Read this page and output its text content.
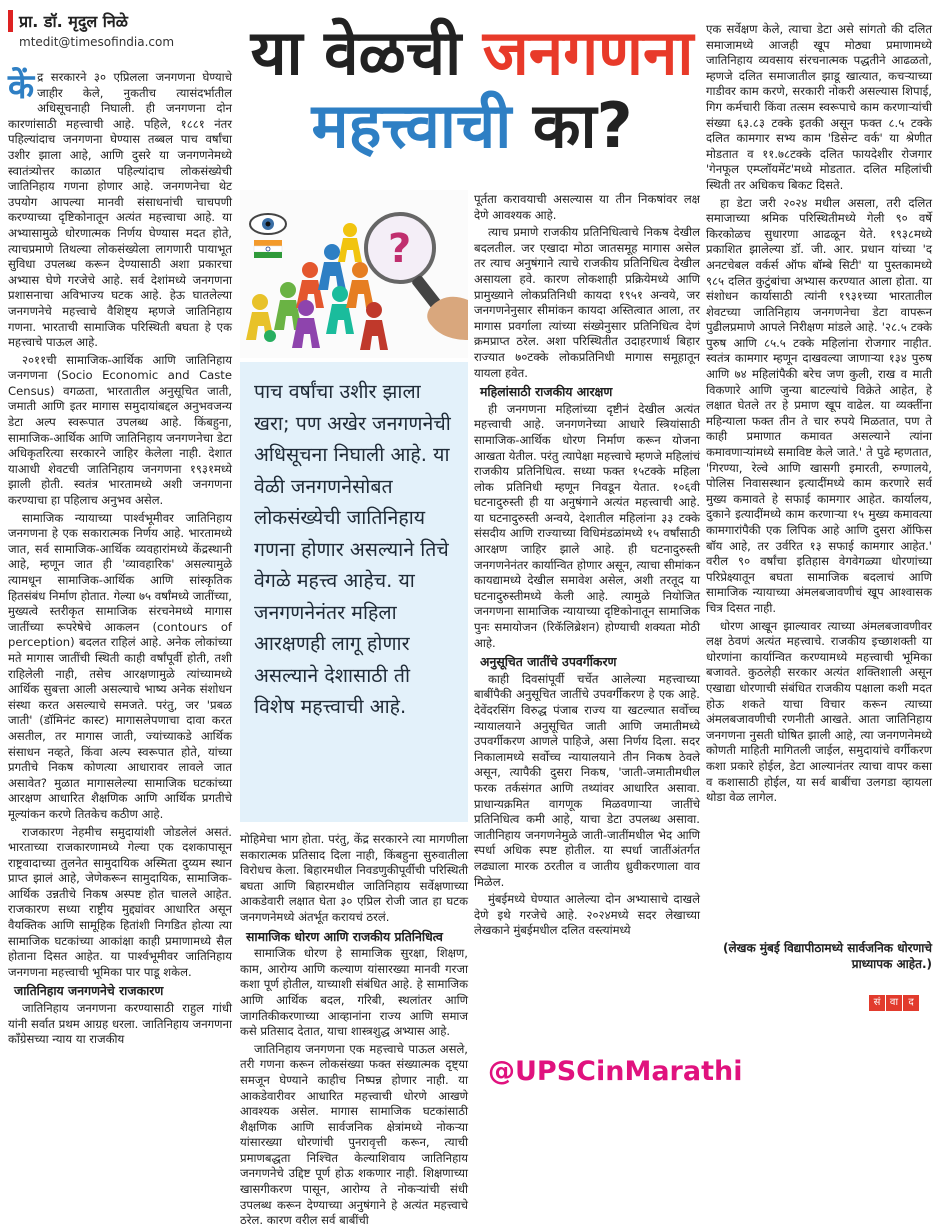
प्रा. डॉ. मृदुल निळे
mtedit@timesofindia.com	या वेळची जनगणना
महत्त्वाची का?

केंद्र सरकारने ३० एप्रिलला जनगणना घेण्याचे जाहीर केले, नुकतीच त्यासंदर्भातील अधिसूचनाही निघाली. ही जनगणना दोन कारणांसाठी महत्त्वाची आहे. पहिले, १८८१ नंतर पहिल्यांदाच जनगणना घेण्यास तब्बल पाच वर्षांचा उशीर झाला आहे, आणि दुसरे या जनगणनेमध्ये स्वातंत्र्योत्तर काळात पहिल्यांदाच लोकसंख्येची जातिनिहाय गणना होणार आहे. जनगणनेचा थेट उपयोग आपल्या मानवी संसाधनांची चाचपणी करण्याच्या दृष्टिकोनातून अत्यंत महत्त्वाचा आहे. या अभ्यासामुळे धोरणात्मक निर्णय घेण्यास मदत होते, त्याचप्रमाणे तिथल्या लोकसंख्येला लागणारी पायाभूत सुविधा उपलब्ध करून देण्यासाठी अशा प्रकारचा अभ्यास घेणे गरजेचे आहे. सर्व देशांमध्ये जनगणना प्रशासनाचा अविभाज्य घटक आहे. हेऊ घातलेल्या जनगणनेचे महत्त्वाचे वैशिष्ट्य म्हणजे जातिनिहाय गणना. भारताची सामाजिक परिस्थिती बघता हे एक महत्त्वाचे पाऊल आहे.

२०११ची सामाजिक-आर्थिक आणि जातिनिहाय जनगणना (Socio Economic and Caste Census) वगळता, भारतातील अनुसूचित जाती, जमाती आणि इतर मागास समुदायांबद्दल अनुभवजन्य डेटा अल्प स्वरूपात उपलब्ध आहे. किंबहुना, सामाजिक-आर्थिक आणि जातिनिहाय जनगणनेचा डेटा अधिकृतरित्या सरकारने जाहिर केलेला नाही. देशात याआधी शेवटची जातिनिहाय जनगणना १९३१मध्ये झाली होती. स्वतंत्र भारतामध्ये अशी जनगणना करण्याचा हा पहिलाच अनुभव असेल.

सामाजिक न्यायाच्या पार्श्वभूमीवर जातिनिहाय जनगणना हे एक सकारात्मक निर्णय आहे. भारतामध्ये जात, सर्व सामाजिक-आर्थिक व्यवहारांमध्ये केंद्रस्थानी आहे, म्हणून जात ही 'व्यावहारिक' असल्यामुळे त्यामधून सामाजिक-आर्थिक आणि सांस्कृतिक हितसंबंध निर्माण होतात. गेल्या ७५ वर्षांमध्ये जातींच्या, मुख्यत्वे स्तरीकृत सामाजिक संरचनेमध्ये मागास जातींच्या रूपरेषेचे आकलन (contours of perception) बदलत राहिलं आहे. अनेक लोकांच्या मते मागास जातींची स्थिती काही वर्षांपूर्वी होती, तशी राहिलेली नाही, तसेच आरक्षणामुळे त्यांच्यामध्ये आर्थिक सुबत्ता आली असल्याचे भाष्य अनेक संशोधन संस्था करत असल्याचे समजते. परंतु, जर 'प्रबळ जाती' (डॉमिनंट कास्ट) मागासलेपणाचा दावा करत असतील, तर मागास जाती, ज्यांच्याकडे आर्थिक संसाधन नव्हते, किंवा अल्प स्वरूपात होते, यांच्या प्रगतीचे निकष कोणत्या आधारावर लावले जात असावेत? मुळात मागासलेल्या सामाजिक घटकांच्या आरक्षण आधारित शैक्षणिक आणि आर्थिक प्रगतीचे मूल्यांकन करणे तितकेच कठीण आहे.

राजकारण नेहमीच समुदायांशी जोडलेलं असतं. भारताच्या राजकारणामध्ये गेल्या एक दशकापासून राष्ट्रवादाच्या तुलनेत सामुदायिक अस्मिता दुय्यम स्थान प्राप्त झालं आहे, जेणेकरून सामुदायिक, सामाजिक-आर्थिक उन्नतीचे निकष अस्पष्ट होत चालले आहेत. राजकारण सध्या राष्ट्रीय मुद्द्यांवर आधारित असून वैयक्तिक आणि सामूहिक हितांशी निगडित होत्या त्या सामाजिक घटकांच्या आकांक्षा काही प्रमाणामध्ये सैल होताना दिसत आहेत. या पार्श्वभूमीवर जातिनिहाय जनगणना महत्त्वाची भूमिका पार पाडू शकेल.

जातिनिहाय जनगणनेचे राजकारण

जातिनिहाय जनगणना करण्यासाठी राहुल गांधी यांनी सर्वात प्रथम आग्रह धरला. जातिनिहाय जनगणना काँग्रेसच्या न्याय या राजकीय

?
पाच वर्षांचा उशीर झाला खरा; पण अखेर जनगणनेची अधिसूचना निघाली आहे. या वेळी जनगणनेसोबत लोकसंख्येची जातिनिहाय गणना होणार असल्याने तिचे वेगळे महत्त्व आहेच. या जनगणनेनंतर महिला आरक्षणही लागू होणार असल्याने देशासाठी ती विशेष महत्त्वाची आहे.

मोहिमेचा भाग होता. परंतु, केंद्र सरकारने त्या मागणीला सकारात्मक प्रतिसाद दिला नाही, किंबहुना सुरुवातीला विरोधच केला. बिहारमधील निवडणुकीपूर्वीची परिस्थिती बघता आणि बिहारमधील जातिनिहाय सर्वेक्षणाच्या आकडेवारी लक्षात घेता ३० एप्रिल रोजी जात हा घटक जनगणनेमध्ये अंतर्भूत करायचं ठरलं.

सामाजिक धोरण आणि राजकीय प्रतिनिधित्व

सामाजिक धोरण हे सामाजिक सुरक्षा, शिक्षण, काम, आरोग्य आणि कल्याण यांसारख्या मानवी गरजा कशा पूर्ण होतील, याच्याशी संबंधित आहे. हे सामाजिक आणि आर्थिक बदल, गरिबी, स्थलांतर आणि जागतिकीकरणाच्या आव्हानांना राज्य आणि समाज कसे प्रतिसाद देतात, याचा शास्त्रशुद्ध अभ्यास आहे.

जातिनिहाय जनगणना एक महत्त्वाचे पाऊल असले, तरी गणना करून लोकसंख्या फक्त संख्यात्मक दृष्ट्या समजून घेण्याने काहीच निष्पन्न होणार नाही. या आकडेवारीवर आधारित महत्त्वाची धोरणे आखणे आवश्यक असेल. मागास सामाजिक घटकांसाठी शैक्षणिक आणि सार्वजनिक क्षेत्रांमध्ये नोकऱ्या यांसारख्या धोरणांची पुनरावृत्ती करून, त्याची प्रमाणबद्धता निश्चित केल्याशिवाय जातिनिहाय जनगणनेचे उद्दिष्ट पूर्ण होऊ शकणार नाही. शिक्षणाच्या खासगीकरण पासून, आरोग्य ते नोकऱ्यांची संधी उपलब्ध करून देण्याच्या अनुषंगाने हे अत्यंत महत्त्वाचे ठरेल. कारण वरील सर्व बाबींची

पूर्तता करावयाची असल्यास या तीन निकषांवर लक्ष देणे आवश्यक आहे.

त्याच प्रमाणे राजकीय प्रतिनिधित्वाचे निकष देखील बदलतील. जर एखादा मोठा जातसमूह मागास असेल तर त्याच अनुषंगाने त्याचे राजकीय प्रतिनिधित्व देखील असायला हवे. कारण लोकशाही प्रक्रियेमध्ये आणि प्रामुख्याने लोकप्रतिनिधी कायदा १९५१ अन्वये, जर जनगणनेनुसार सीमांकन कायदा अस्तित्वात आला, तर मागास प्रवर्गाला त्यांच्या संख्येनुसार प्रतिनिधित्व देणं क्रमप्राप्त ठरेल. अशा परिस्थितीत उदाहरणार्थ बिहार राज्यात ७०टक्के लोकप्रतिनिधी मागास समूहातून यायला हवेत.

महिलांसाठी राजकीय आरक्षण

ही जनगणना महिलांच्या दृष्टीनं देखील अत्यंत महत्त्वाची आहे. जनगणनेच्या आधारे स्त्रियांसाठी सामाजिक-आर्थिक धोरण निर्माण करून योजना आखता येतील. परंतु त्यापेक्षा महत्त्वाचे म्हणजे महिलांचं राजकीय प्रतिनिधित्व. सध्या फक्त १५टक्के महिला लोक प्रतिनिधी म्हणून निवडून येतात. १०६वी घटनादुरुस्ती ही या अनुषंगाने अत्यंत महत्त्वाची आहे. या घटनादुरुस्ती अन्वये, देशातील महिलांना ३३ टक्के संसदीय आणि राज्याच्या विधिमंडळांमध्ये १५ वर्षांसाठी आरक्षण जाहिर झाले आहे. ही घटनादुरुस्ती जनगणनेनंतर कार्यान्वित होणार असून, त्याचा सीमांकन कायद्यामध्ये देखील समावेश असेल, अशी तरतूद या घटनादुरुस्तीमध्ये केली आहे. त्यामुळे नियोजित जनगणना सामाजिक न्यायाच्या दृष्टिकोनातून सामाजिक पुनः समायोजन (रिकॅलिब्रेशन) होण्याची शक्यता मोठी आहे.

अनुसूचित जातींचे उपवर्गीकरण

काही दिवसांपूर्वी चर्चेत आलेल्या महत्त्वाच्या बाबींपैकी अनुसूचित जातींचे उपवर्गीकरण हे एक आहे. देवेंदरसिंग विरुद्ध पंजाब राज्य या खटल्यात सर्वोच्च न्यायालयाने अनुसूचित जाती आणि जमातीमध्ये उपवर्गीकरण आणले पाहिजे, असा निर्णय दिला. सदर निकालामध्ये सर्वोच्च न्यायालयाने तीन निकष ठेवले असून, त्यापैकी दुसरा निकष, 'जाती-जमातीमधील फरक तर्कसंगत आणि तथ्यांवर आधारित असावा. प्राधान्यक्रमित वागणूक मिळवणाऱ्या जातींचे प्रतिनिधित्व कमी आहे, याचा डेटा उपलब्ध असावा. जातीनिहाय जनगणनेमुळे जाती-जातींमधील भेद आणि स्पर्धा अधिक स्पष्ट होतील. या स्पर्धा जातींअंतर्गत लढ्याला मारक ठरतील व जातीय ध्रुवीकरणाला वाव मिळेल.

मुंबईमध्ये घेण्यात आलेल्या दोन अभ्यासाचे दाखले देणे इथे गरजेचे आहे. २०२४मध्ये सदर लेखाच्या लेखकाने मुंबईमधील दलित वस्त्यांमध्ये

एक सर्वेक्षण केले, त्याचा डेटा असे सांगतो की दलित समाजामध्ये आजही खूप मोठ्या प्रमाणामध्ये जातिनिहाय व्यवसाय संरचनात्मक पद्धतीने आढळतो, म्हणजे दलित समाजातील झाडू खात्यात, कचऱ्याच्या गाडीवर काम करणे, सरकारी नोकरी असल्यास शिपाई, गिग कर्मचारी किंवा तत्सम स्वरूपाचे काम करणाऱ्यांची संख्या ६३.८३ टक्के इतकी असून फक्त ८.५ टक्के दलित कामगार सभ्य काम 'डिसेन्ट वर्क' या श्रेणीत मोडतात व ११.७८टक्के दलित फायदेशीर रोजगार 'गेनफूल एम्प्लॉयमेंट'मध्ये मोडतात. दलित महिलांची स्थिती तर अधिकच बिकट दिसते.

हा डेटा जरी २०२४ मधील असला, तरी दलित समाजाच्या श्रमिक परिस्थितीमध्ये गेली ९० वर्षे किरकोळच सुधारणा आढळून येते. १९३८मध्ये प्रकाशित झालेल्या डॉ. जी. आर. प्रधान यांच्या 'द अनटचेबल वर्कर्स ऑफ बॉम्बे सिटी' या पुस्तकामध्ये ९८५ दलित कुटुंबांचा अभ्यास करण्यात आला होता. या संशोधन कार्यासाठी त्यांनी १९३१च्या भारतातील शेवटच्या जातिनिहाय जनगणनेचा डेटा वापरून पुढीलप्रमाणे आपले निरीक्षण मांडले आहे. '२८.५ टक्के पुरुष आणि ८५.५ टक्के महिलांना रोजगार नाहीत. स्वतंत्र कामगार म्हणून दाखवल्या जाणाऱ्या १३४ पुरुष आणि ७४ महिलांपैकी बरेच जण कुली, राख व माती विकणारे आणि जुन्या बाटल्यांचे विक्रेते आहेत, हे लक्षात घेतले तर हे प्रमाण खूप वाढेल. या व्यक्तींना महिन्याला फक्त तीन ते चार रुपये मिळतात, पण ते काही प्रमाणात कमावत असल्याने त्यांना कमावणाऱ्यांमध्ये समाविष्ट केले जाते.' ते पुढे म्हणतात, 'गिरण्या, रेल्वे आणि खासगी इमारती, रुग्णालये, पोलिस निवासस्थान इत्यादींमध्ये काम करणारे सर्व मुख्य कमावते हे सफाई कामगार आहेत. कार्यालय, दुकाने इत्यादींमध्ये काम करणाऱ्या १५ मुख्य कमावत्या कामगारांपैकी एक लिपिक आहे आणि दुसरा ऑफिस बॉय आहे, तर उर्वरित १३ सफाई कामगार आहेत.' वरील ९० वर्षांचा इतिहास वेगवेगळ्या धोरणांच्या परिप्रेक्ष्यातून बघता सामाजिक बदलाचं आणि सामाजिक न्यायाच्या अंमलबजावणीचं खूप आश्वासक चित्र दिसत नाही.

धोरण आखून झाल्यावर त्याच्या अंमलबजावणीवर लक्ष ठेवणं अत्यंत महत्त्वाचे. राजकीय इच्छाशक्ती या धोरणांना कार्यान्वित करण्यामध्ये महत्त्वाची भूमिका बजावते. कुठलेही सरकार अत्यंत शक्तिशाली असून एखाद्या धोरणाची संबंधित राजकीय पक्षाला कशी मदत होऊ शकते याचा विचार करून त्याच्या अंमलबजावणीची रणनीती आखते. आता जातिनिहाय जनगणना नुसती घोषित झाली आहे, त्या जनगणनेमध्ये कोणती माहिती मागितली जाईल, समुदायांचे वर्गीकरण कशा प्रकारे होईल, डेटा आल्यानंतर त्याचा वापर कसा व कशासाठी होईल, या सर्व बाबींचा उलगडा व्हायला थोडा वेळ लागेल.

(लेखक मुंबई विद्यापीठामध्ये सार्वजनिक धोरणाचे प्राध्यापक आहेत.)
सं वा द
@UPSCinMarathi
